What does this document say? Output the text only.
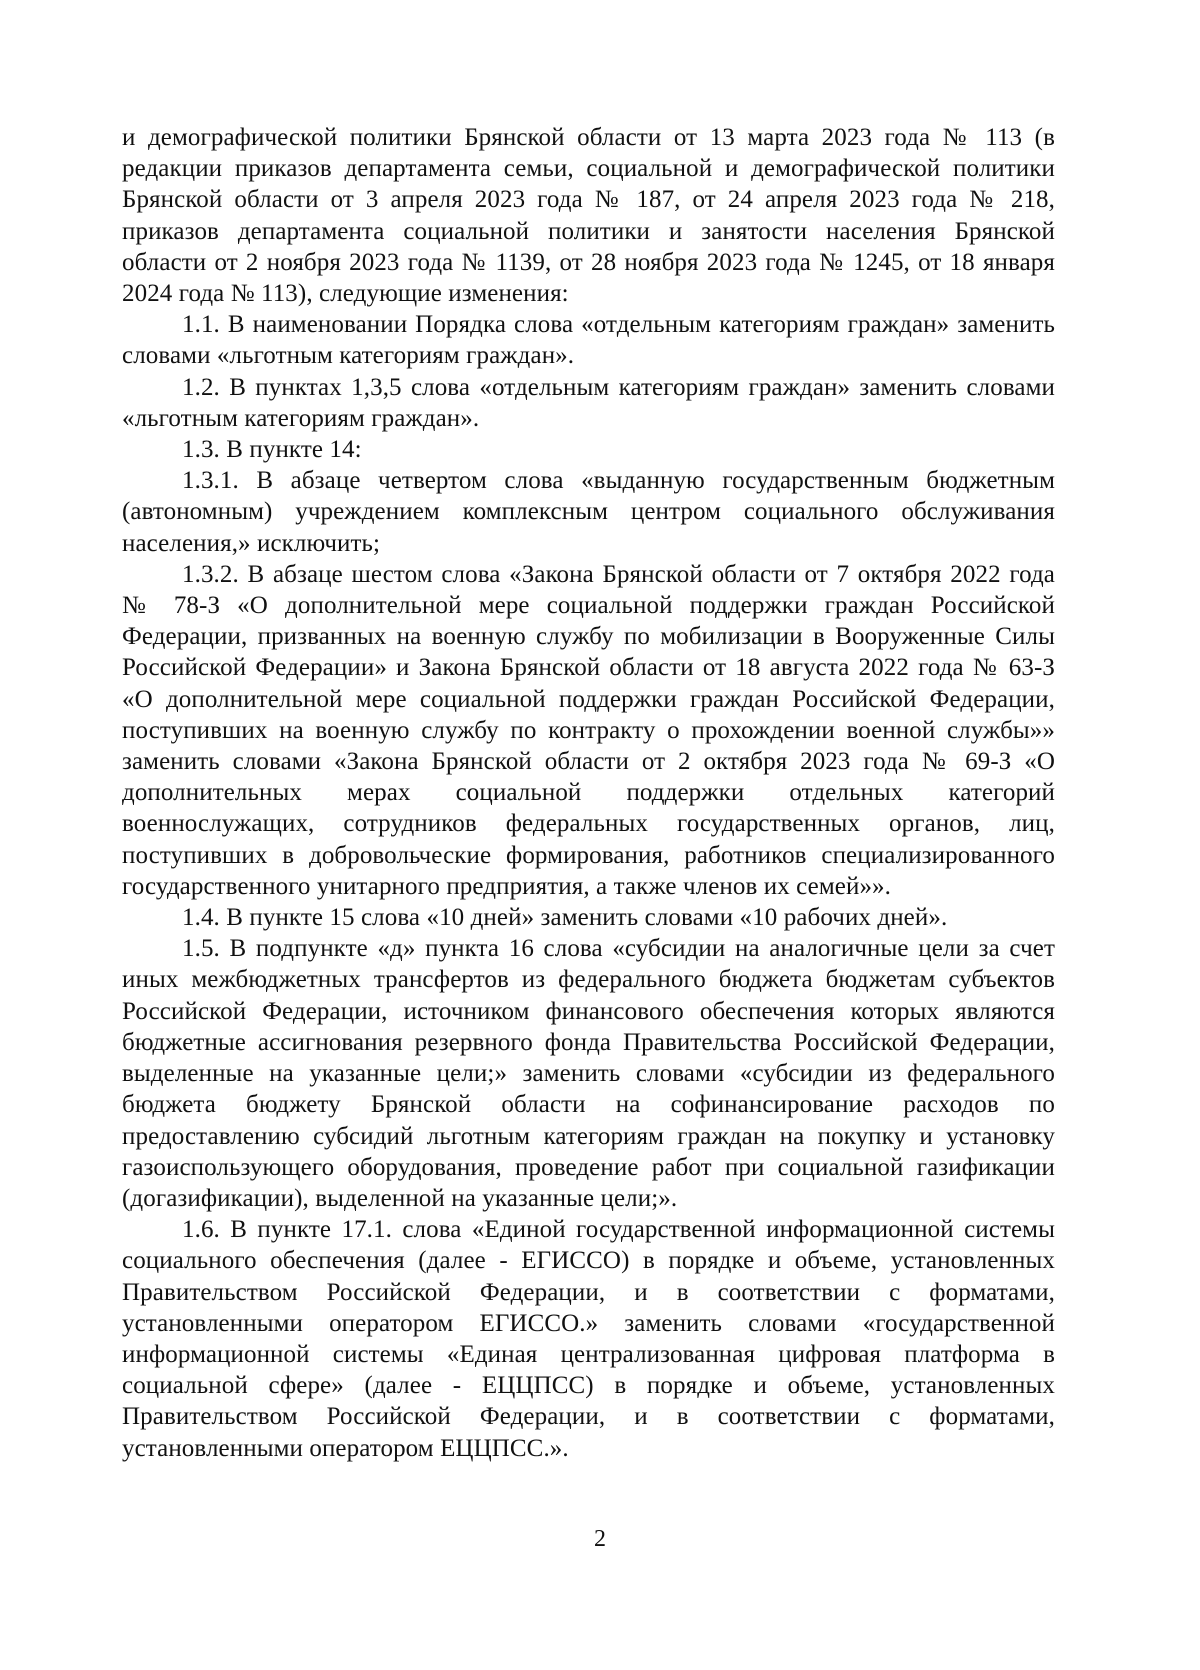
и демографической политики Брянской области от 13 марта 2023 года № 113 (в редакции приказов департамента семьи, социальной и демографической политики Брянской области от 3 апреля 2023 года № 187, от 24 апреля 2023 года № 218, приказов департамента социальной политики и занятости населения Брянской области от 2 ноября 2023 года № 1139, от 28 ноября 2023 года № 1245, от 18 января 2024 года № 113), следующие изменения:

1.1. В наименовании Порядка слова «отдельным категориям граждан» заменить словами «льготным категориям граждан».

1.2. В пунктах 1,3,5 слова «отдельным категориям граждан» заменить словами «льготным категориям граждан».

1.3. В пункте 14:

1.3.1. В абзаце четвертом слова «выданную государственным бюджетным (автономным) учреждением комплексным центром социального обслуживания населения,» исключить;

1.3.2. В абзаце шестом слова «Закона Брянской области от 7 октября 2022 года № 78-З «О дополнительной мере социальной поддержки граждан Российской Федерации, призванных на военную службу по мобилизации в Вооруженные Силы Российской Федерации» и Закона Брянской области от 18 августа 2022 года № 63-З «О дополнительной мере социальной поддержки граждан Российской Федерации, поступивших на военную службу по контракту о прохождении военной службы»» заменить словами «Закона Брянской области от 2 октября 2023 года № 69-З «О дополнительных мерах социальной поддержки отдельных категорий военнослужащих, сотрудников федеральных государственных органов, лиц, поступивших в добровольческие формирования, работников специализированного государственного унитарного предприятия, а также членов их семей»».

1.4. В пункте 15 слова «10 дней» заменить словами «10 рабочих дней».

1.5. В подпункте «д» пункта 16 слова «субсидии на аналогичные цели за счет иных межбюджетных трансфертов из федерального бюджета бюджетам субъектов Российской Федерации, источником финансового обеспечения которых являются бюджетные ассигнования резервного фонда Правительства Российской Федерации, выделенные на указанные цели;» заменить словами «субсидии из федерального бюджета бюджету Брянской области на софинансирование расходов по предоставлению субсидий льготным категориям граждан на покупку и установку газоиспользующего оборудования, проведение работ при социальной газификации (догазификации), выделенной на указанные цели;».

1.6. В пункте 17.1. слова «Единой государственной информационной системы социального обеспечения (далее - ЕГИССО) в порядке и объеме, установленных Правительством Российской Федерации, и в соответствии с форматами, установленными оператором ЕГИССО.» заменить словами «государственной информационной системы «Единая централизованная цифровая платформа в социальной сфере» (далее - ЕЦЦПСС) в порядке и объеме, установленных Правительством Российской Федерации, и в соответствии с форматами, установленными оператором ЕЦЦПСС.».

2
